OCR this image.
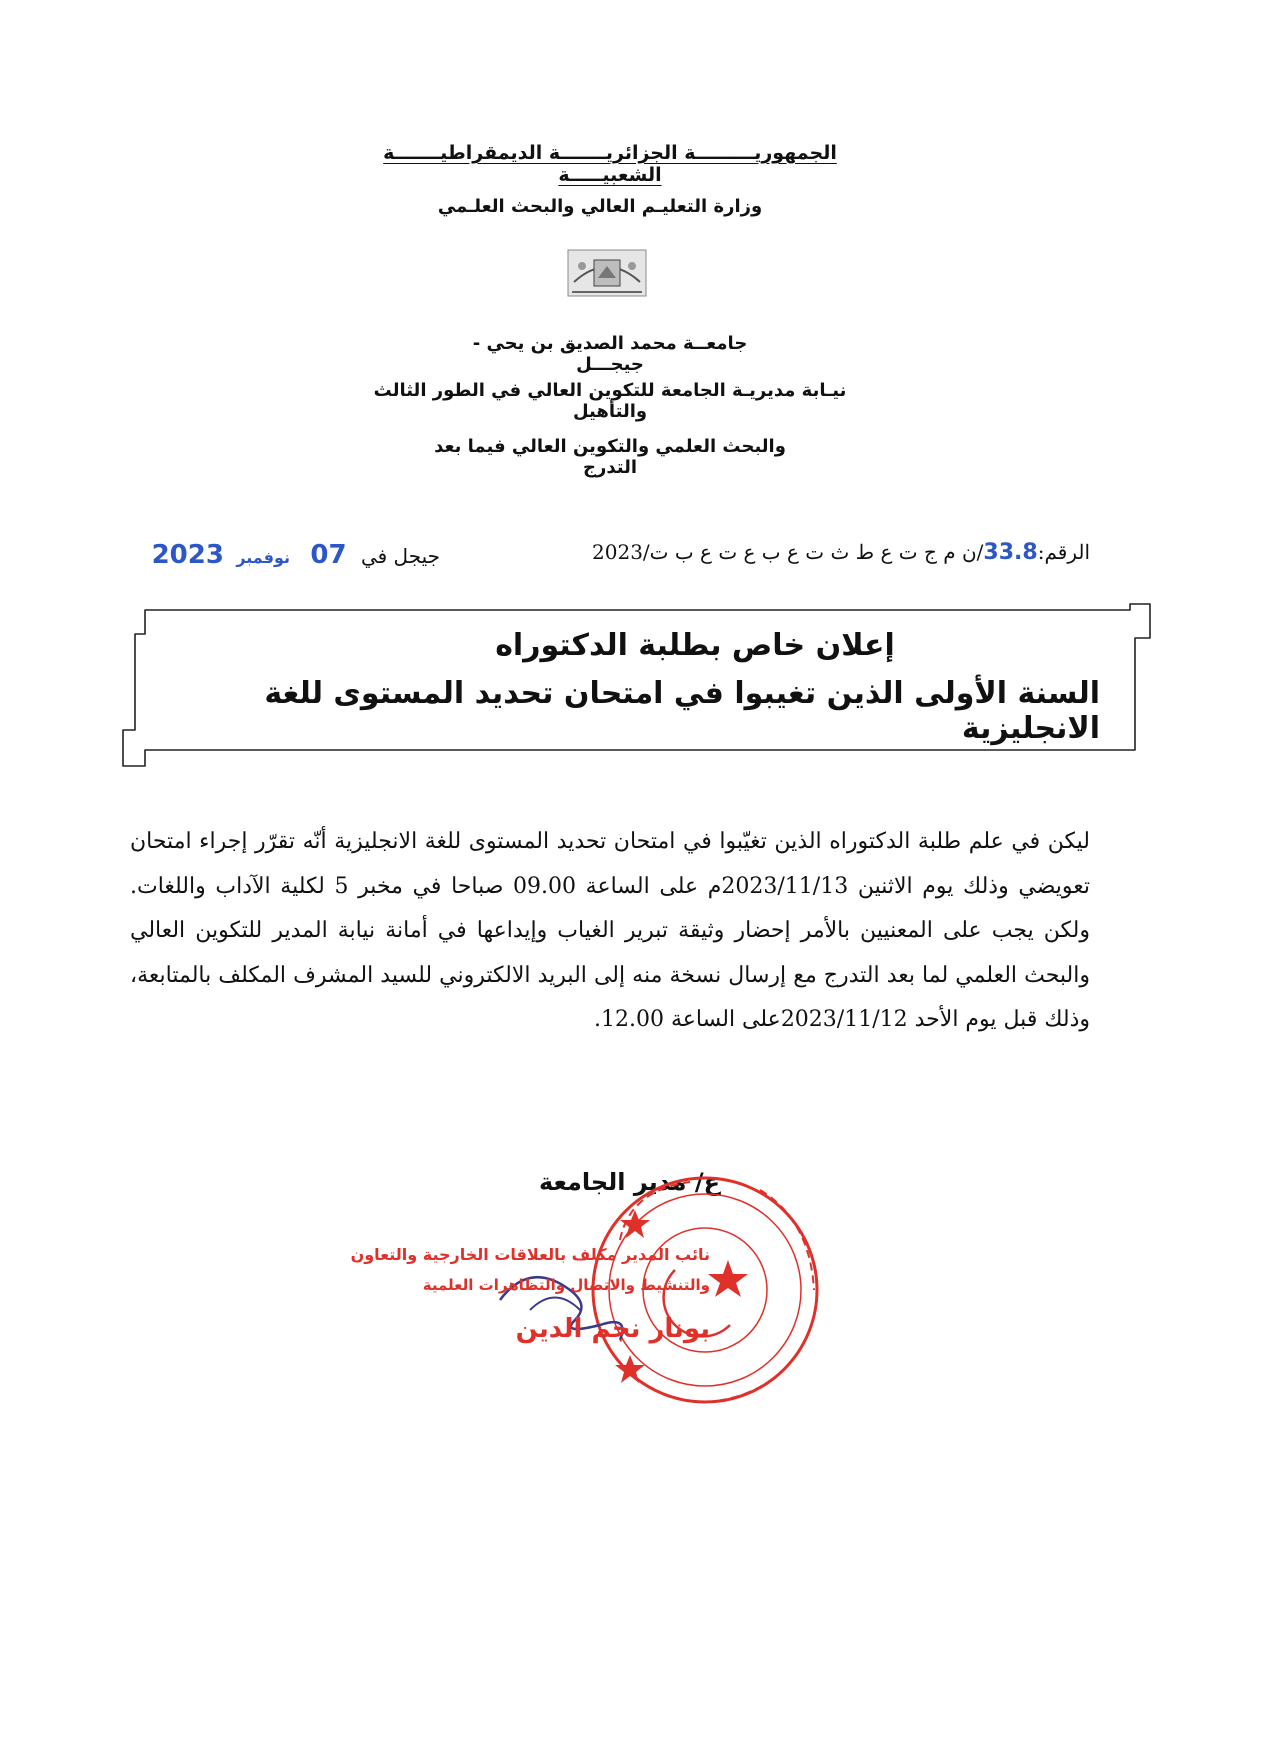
الجمهوريـــــــــة الجزائريـــــــة الديمقراطيـــــــة الشعبيـــــة
وزارة التعليـم العالي والبحث العلـمي
جامعــة محمد الصديق بن يحي - جيجـــل
نيـابة مديريـة الجامعة للتكوين العالي في الطور الثالث والتأهيل
والبحث العلمي والتكوين العالي فيما بعد التدرج
الرقم:33.8/ن م ج ت ع ط ث ت ع ب ع ت ع ب ت/2023
جيجل في 07 نوفمبر 2023
إعلان خاص بطلبة الدكتوراه
السنة الأولى الذين تغيبوا في امتحان تحديد المستوى للغة الانجليزية
ليكن في علم طلبة الدكتوراه الذين تغيّبوا في امتحان تحديد المستوى للغة الانجليزية أنّه تقرّر إجراء امتحان تعويضي وذلك يوم الاثنين 2023/11/13م على الساعة 09.00 صباحا في مخبر 5 لكلية الآداب واللغات. ولكن يجب على المعنيين بالأمر إحضار وثيقة تبرير الغياب وإيداعها في أمانة نيابة المدير للتكوين العالي والبحث العلمي لما بعد التدرج مع إرسال نسخة منه إلى البريد الالكتروني للسيد المشرف المكلف بالمتابعة، وذلك قبل يوم الأحد 2023/11/12على الساعة 12.00.
ع/ مدير الجامعة
نائب المدير مكلف بالعلاقات الخارجية والتعاون
والتنشيط والاتصال والتظاهرات العلمية
بونار نجم الدين
